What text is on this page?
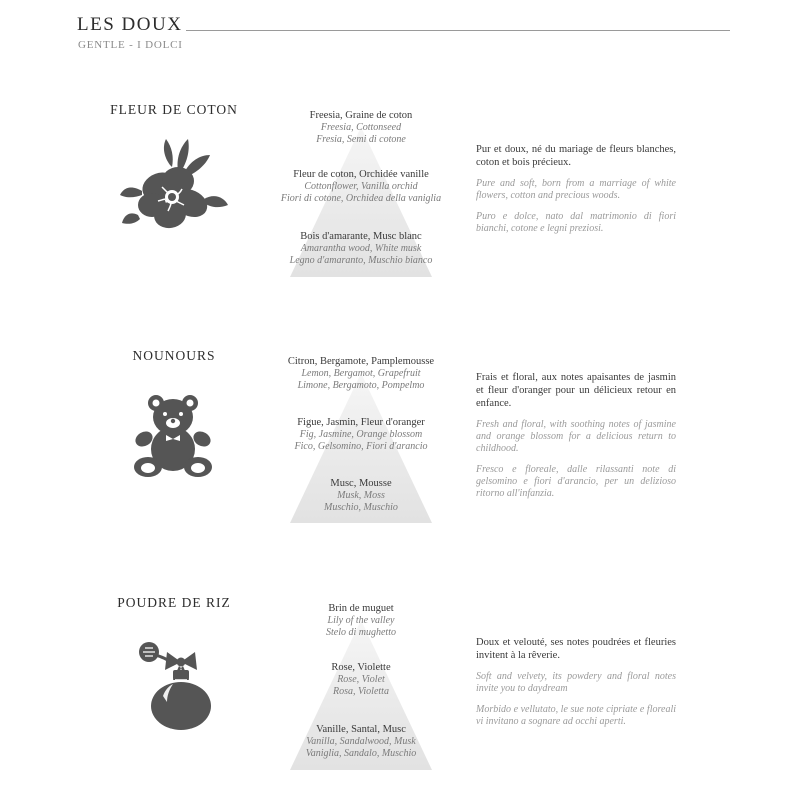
LES DOUX
GENTLE - I DOLCI
FLEUR DE COTON	Freesia, Graine de coton
Freesia, Cottonseed
Fresia, Semi di cotone
Fleur de coton, Orchidée vanille
Cottonflower, Vanilla orchid
Fiori di cotone, Orchidea della vaniglia
Bois d'amarante, Musc blanc
Amarantha wood, White musk
Legno d'amaranto, Muschio bianco

Pur et doux, né du mariage de fleurs blanches, coton et bois précieux.

Pure and soft, born from a marriage of white flowers, cotton and precious woods.

Puro e dolce, nato dal matrimonio di fiori bianchi, cotone e legni preziosi.

NOUNOURS	Citron, Bergamote, Pamplemousse
Lemon, Bergamot, Grapefruit
Limone, Bergamoto, Pompelmo
Figue, Jasmin, Fleur d'oranger
Fig, Jasmine, Orange blossom
Fico, Gelsomino, Fiori d'arancio
Musc, Mousse
Musk, Moss
Muschio, Muschio

Frais et floral, aux notes apaisantes de jasmin et fleur d'oranger pour un délicieux retour en enfance.

Fresh and floral, with soothing notes of jasmine and orange blossom for a delicious return to childhood.

Fresco e floreale, dalle rilassanti note di gelsomino e fiori d'arancio, per un delizioso ritorno all'infanzia.

POUDRE DE RIZ	Brin de muguet
Lily of the valley
Stelo di mughetto
Rose, Violette
Rose, Violet
Rosa, Violetta
Vanille, Santal, Musc
Vanilla, Sandalwood, Musk
Vaniglia, Sandalo, Muschio

Doux et velouté, ses notes poudrées et fleuries invitent à la rêverie.

Soft and velvety, its powdery and floral notes invite you to daydream

Morbido e vellutato, le sue note cipriate e floreali vi invitano a sognare ad occhi aperti.
